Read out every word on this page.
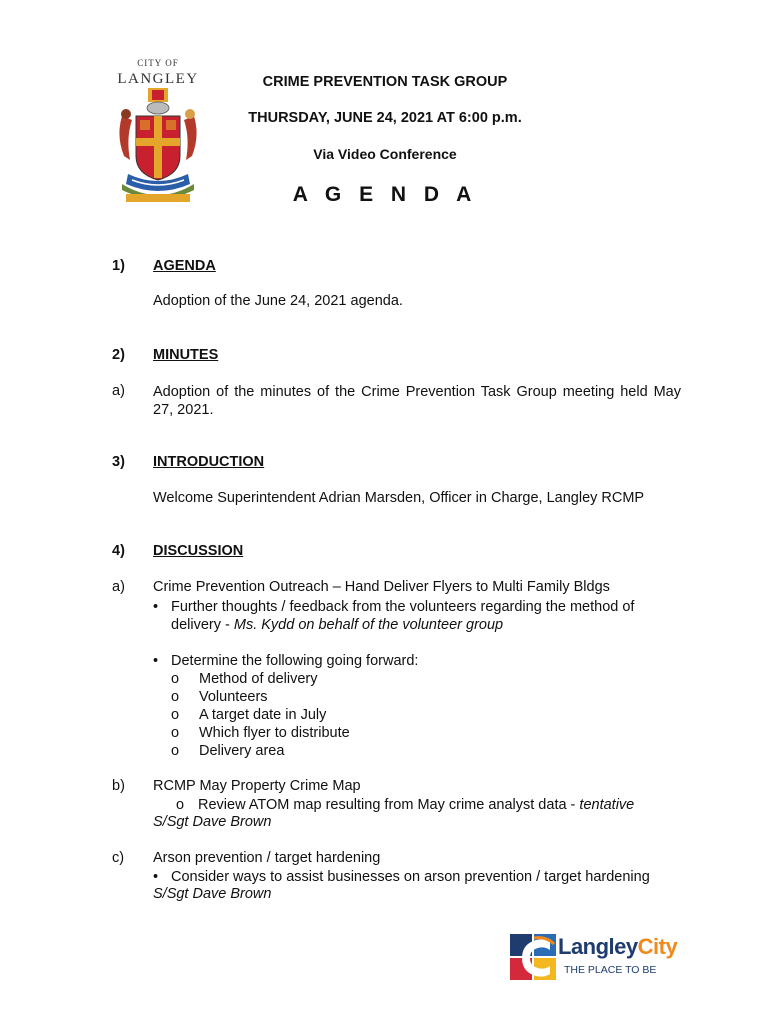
CITY OF
LANGLEY	CRIME PREVENTION TASK GROUP
THURSDAY, JUNE 24, 2021 AT 6:00 p.m.
Via Video Conference
A G E N D A
1) AGENDA
Adoption of the June 24, 2021 agenda.
2) MINUTES
a) Adoption of the minutes of the Crime Prevention Task Group meeting held May 27, 2021.
3) INTRODUCTION
Welcome Superintendent Adrian Marsden, Officer in Charge, Langley RCMP
4) DISCUSSION
a) Crime Prevention Outreach – Hand Deliver Flyers to Multi Family Bldgs
• Further thoughts / feedback from the volunteers regarding the method of
delivery - Ms. Kydd on behalf of the volunteer group
• Determine the following going forward:
o Method of delivery
o Volunteers
o A target date in July
o Which flyer to distribute
o Delivery area
b) RCMP May Property Crime Map
o Review ATOM map resulting from May crime analyst data - tentative
S/Sgt Dave Brown
c) Arson prevention / target hardening
• Consider ways to assist businesses on arson prevention / target hardening
S/Sgt Dave Brown
LangleyCity
THE PLACE TO BE
